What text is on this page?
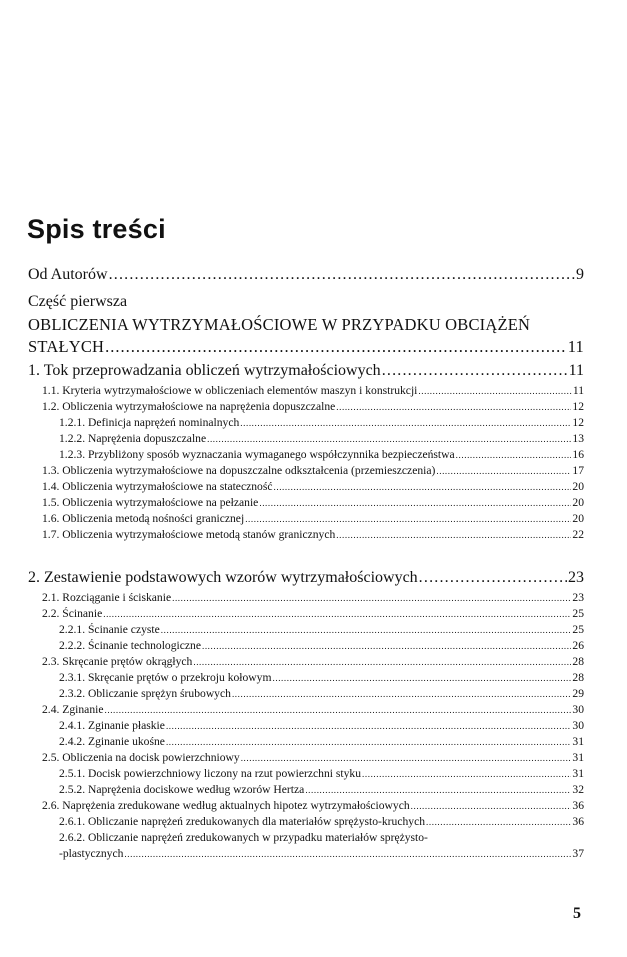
Spis treści
Od Autorów .....	9
Część pierwsza
OBLICZENIA WYTRZYMAŁOŚCIOWE W PRZYPADKU OBCIĄŻEŃ
STAŁYCH .....	11
1. Tok przeprowadzania obliczeń wytrzymałościowych .....	11
1.1. Kryteria wytrzymałościowe w obliczeniach elementów maszyn i konstrukcji .....	11
1.2. Obliczenia wytrzymałościowe na naprężenia dopuszczalne .....	12
1.2.1. Definicja naprężeń nominalnych .....	12
1.2.2. Naprężenia dopuszczalne .....	13
1.2.3. Przybliżony sposób wyznaczania wymaganego współczynnika bezpieczeństwa .....	16
1.3. Obliczenia wytrzymałościowe na dopuszczalne odkształcenia (przemieszczenia) .....	17
1.4. Obliczenia wytrzymałościowe na stateczność .....	20
1.5. Obliczenia wytrzymałościowe na pełzanie .....	20
1.6. Obliczenia metodą nośności granicznej .....	20
1.7. Obliczenia wytrzymałościowe metodą stanów granicznych .....	22
2. Zestawienie podstawowych wzorów wytrzymałościowych .....	23
2.1. Rozciąganie i ściskanie .....	23
2.2. Ścinanie .....	25
2.2.1. Ścinanie czyste .....	25
2.2.2. Ścinanie technologiczne .....	26
2.3. Skręcanie prętów okrągłych .....	28
2.3.1. Skręcanie prętów o przekroju kołowym .....	28
2.3.2. Obliczanie sprężyn śrubowych .....	29
2.4. Zginanie .....	30
2.4.1. Zginanie płaskie .....	30
2.4.2. Zginanie ukośne .....	31
2.5. Obliczenia na docisk powierzchniowy .....	31
2.5.1. Docisk powierzchniowy liczony na rzut powierzchni styku .....	31
2.5.2. Naprężenia dociskowe według wzorów Hertza .....	32
2.6. Naprężenia zredukowane według aktualnych hipotez wytrzymałościowych .....	36
2.6.1. Obliczanie naprężeń zredukowanych dla materiałów sprężysto-kruchych .....	36
2.6.2. Obliczanie naprężeń zredukowanych w przypadku materiałów sprężysto-
-plastycznych .....	37
5
